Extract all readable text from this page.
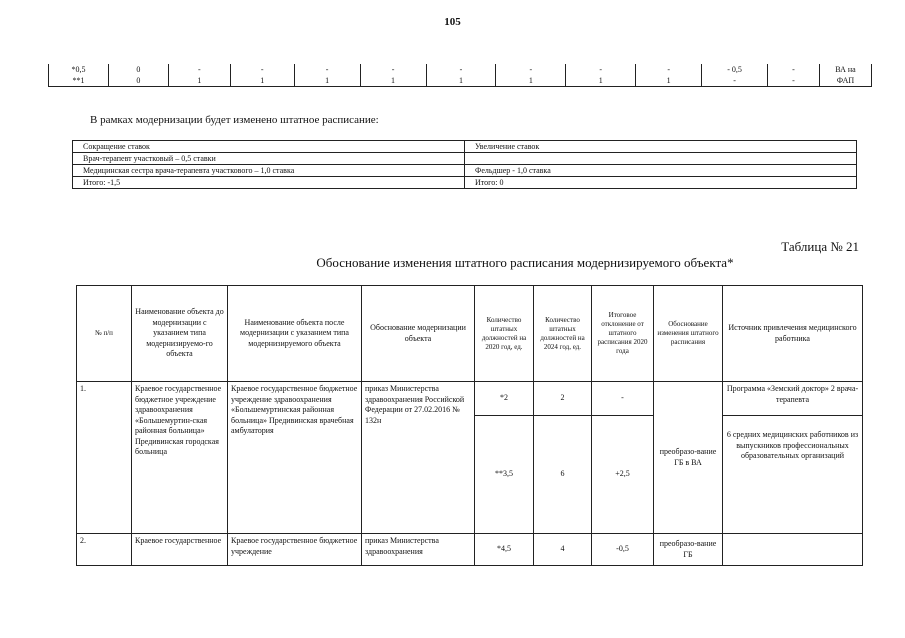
105
*0,5	0	-	-	-	-	-	-	-	-	- 0,5	-	ВА на
**1	0	1	1	1	1	1	1	1	1	-	-	ФАП
В рамках модернизации будет изменено штатное расписание:
Сокращение ставок	Увеличение ставок
Врач-терапевт участковый – 0,5 ставки	
Медицинская сестра врача-терапевта участкового – 1,0 ставка	Фельдшер - 1,0 ставка
Итого: -1,5	Итого: 0
Таблица № 21
Обоснование изменения штатного расписания модернизируемого объекта*
№ п/п	Наименование объекта до модернизации с указанием типа модернизируемо-го объекта	Наименование объекта после модернизации с указанием типа модернизируемого объекта	Обоснование модернизации объекта	Количество штатных должностей на 2020 год, ед.	Количество штатных должностей на 2024 год, ед.	Итоговое отклонение от штатного расписания 2020 года	Обоснование изменения штатного расписания	Источник привлечения медицинского работника
1.	Краевое государственное бюджетное учреждение здравоохранения «Большемуртин-ская районная больница» Предивинская городская больница	Краевое государственное бюджетное учреждение здравоохранения «Большемуртинская районная больница» Предивинская врачебная амбулатория	приказ Министерства здравоохранения Российской Федерации от 27.02.2016 № 132н	*2	2	-	преобразо-вание ГБ в ВА	Программа «Земский доктор» 2 врача-терапевта
				**3,5	6	+2,5		6 средних медицинских работников из выпускников профессиональных образовательных организаций
2.	Краевое государственное	Краевое государственное бюджетное учреждение	приказ Министерства здравоохранения	*4,5	4	-0,5	преобразо-вание ГБ	
